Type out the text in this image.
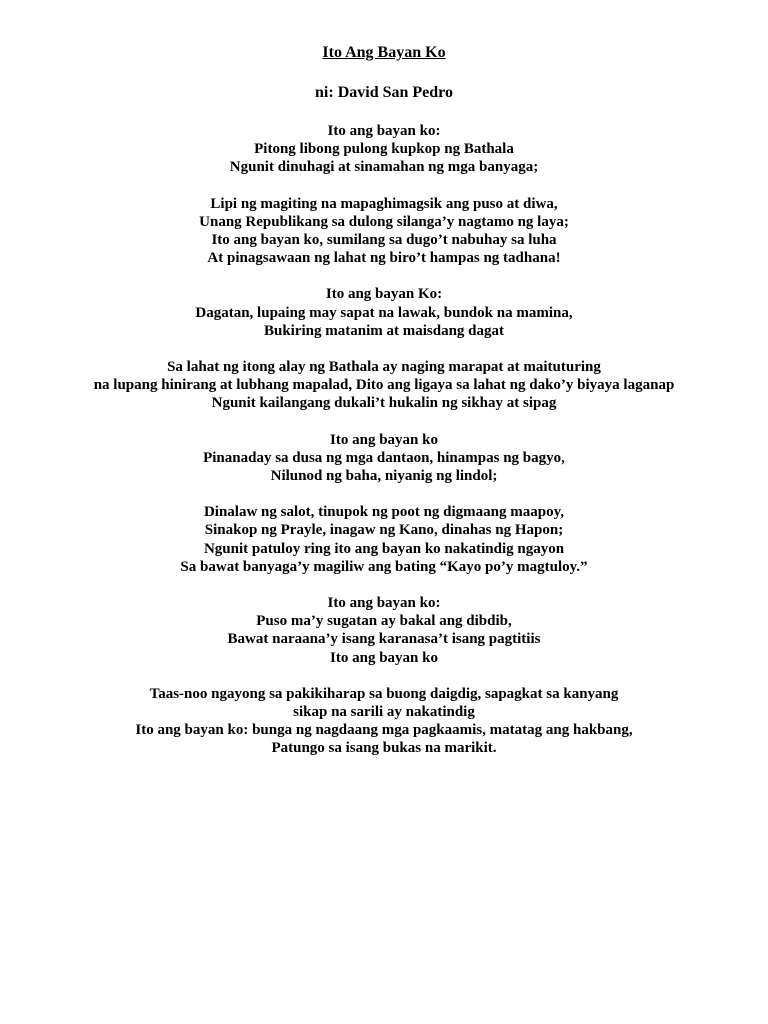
Ito Ang Bayan Ko
ni: David San Pedro
Ito ang bayan ko:
Pitong libong pulong kupkop ng Bathala
Ngunit dinuhagi at sinamahan ng mga banyaga;
Lipi ng magiting na mapaghimagsik ang puso at diwa,
Unang Republikang sa dulong silanga’y nagtamo ng laya;
Ito ang bayan ko, sumilang sa dugo’t nabuhay sa luha
At pinagsawaan ng lahat ng biro’t hampas ng tadhana!
Ito ang bayan Ko:
Dagatan, lupaing may sapat na lawak, bundok na mamina,
Bukiring matanim at maisdang dagat
Sa lahat ng itong alay ng Bathala ay naging marapat at maituturing
na lupang hinirang at lubhang mapalad, Dito ang ligaya sa lahat ng dako’y biyaya laganap
Ngunit kailangang dukali’t hukalin ng sikhay at sipag
Ito ang bayan ko
Pinanaday sa dusa ng mga dantaon, hinampas ng bagyo,
Nilunod ng baha, niyanig ng lindol;
Dinalaw ng salot, tinupok ng poot ng digmaang maapoy,
Sinakop ng Prayle, inagaw ng Kano, dinahas ng Hapon;
Ngunit patuloy ring ito ang bayan ko nakatindig ngayon
Sa bawat banyaga’y magiliw ang bating “Kayo po’y magtuloy.”
Ito ang bayan ko:
Puso ma’y sugatan ay bakal ang dibdib,
Bawat naraana’y isang karanasa’t isang pagtitiis
Ito ang bayan ko
Taas-noo ngayong sa pakikiharap sa buong daigdig, sapagkat sa kanyang
sikap na sarili ay nakatindig
Ito ang bayan ko: bunga ng nagdaang mga pagkaamis, matatag ang hakbang,
Patungo sa isang bukas na marikit.
